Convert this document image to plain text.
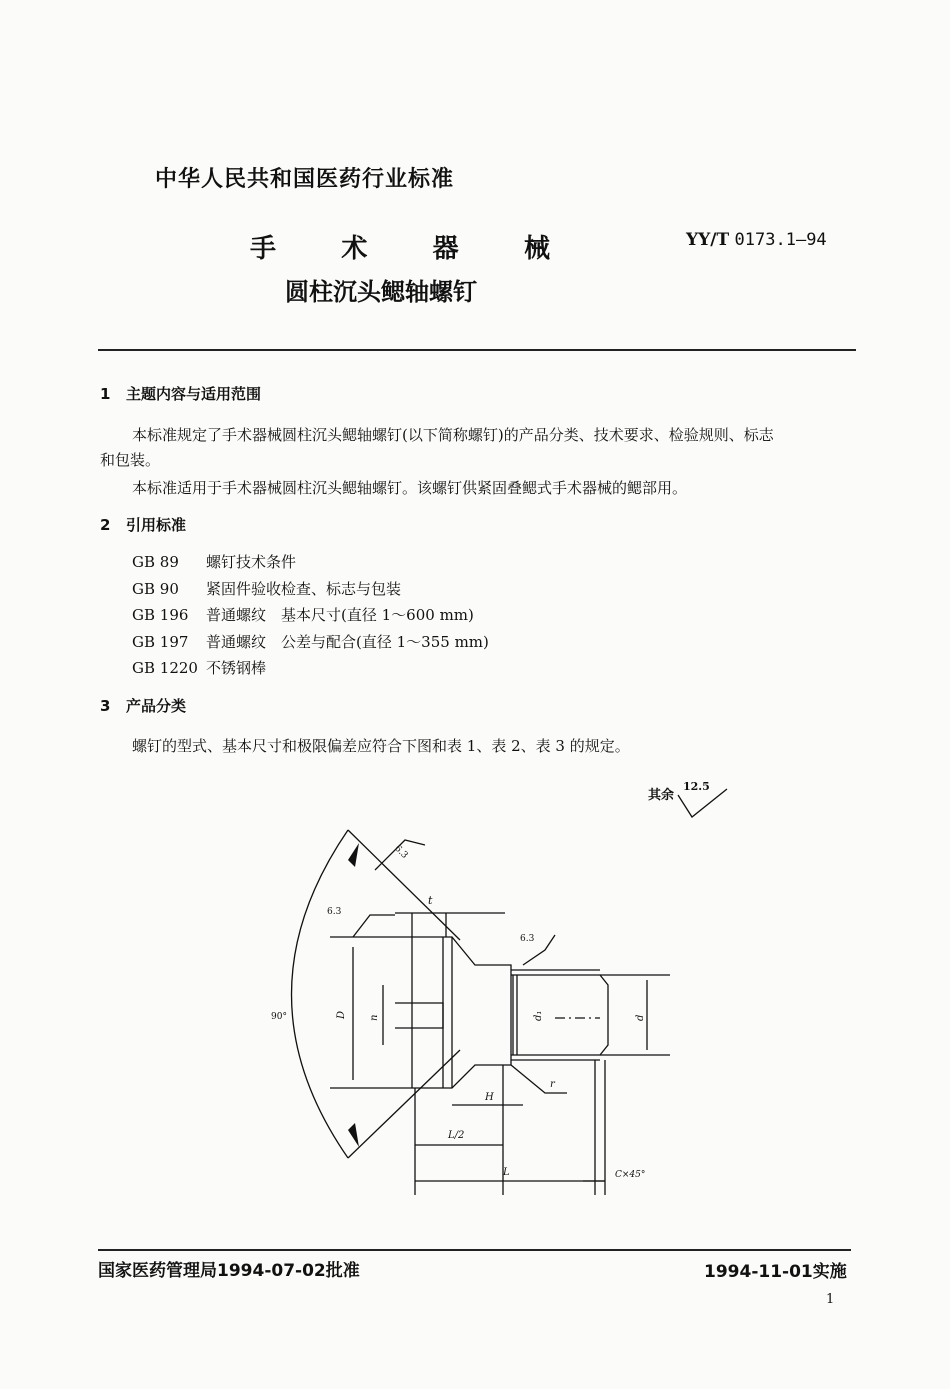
中华人民共和国医药行业标准
手	术	器	械
圆柱沉头鳃轴螺钉
YY/T 0173.1—94
1 主题内容与适用范围
本标准规定了手术器械圆柱沉头鳃轴螺钉(以下简称螺钉)的产品分类、技术要求、检验规则、标志
和包装。
本标准适用于手术器械圆柱沉头鳃轴螺钉。该螺钉供紧固叠鳃式手术器械的鳃部用。
2 引用标准
GB 89 螺钉技术条件
GB 90 紧固件验收检查、标志与包装
GB 196 普通螺纹　基本尺寸(直径 1～600 mm)
GB 197 普通螺纹　公差与配合(直径 1～355 mm)
GB 1220 不锈钢棒
3 产品分类
螺钉的型式、基本尺寸和极限偏差应符合下图和表 1、表 2、表 3 的规定。
其余
12.5
90°
6.3
6.3
6.3
t
D n	d₁	d
r
H
L/2
L	C×45°
国家医药管理局1994-07-02批准	1994-11-01实施
1
